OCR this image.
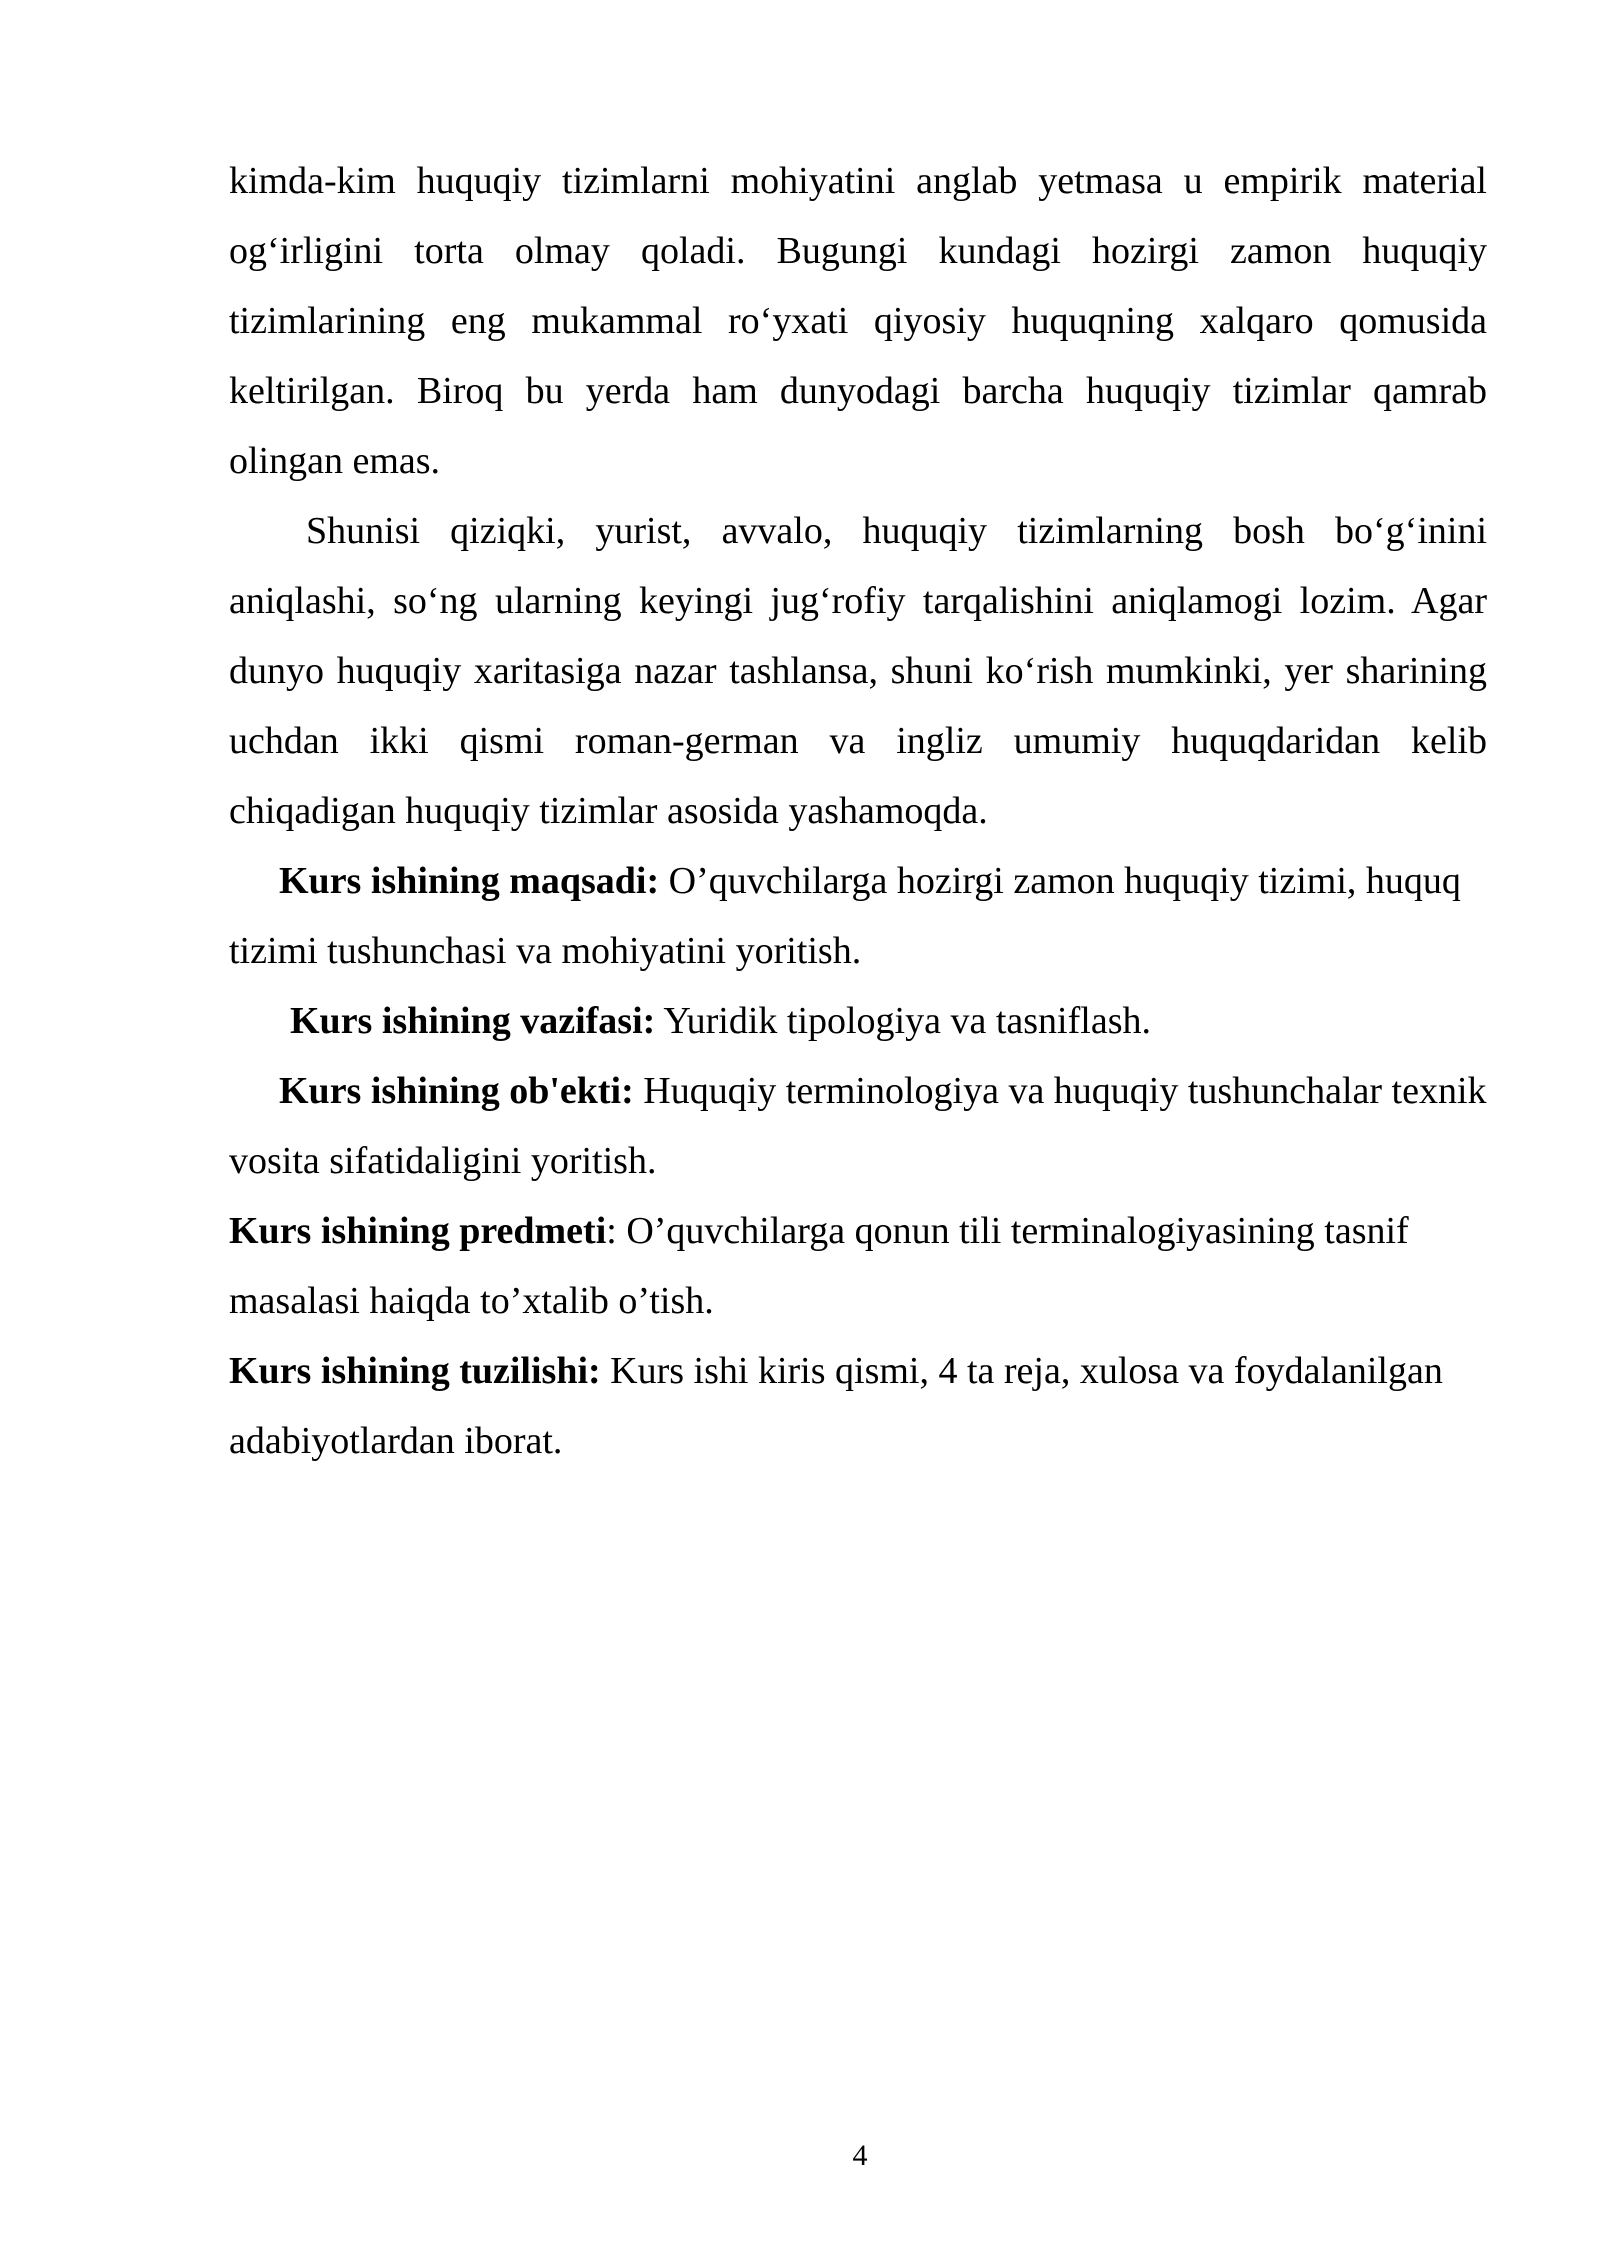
kimda-kim huquqiy tizimlarni mohiyatini anglab yetmasa u empirik material og‘irligini torta olmay qoladi. Bugungi kundagi hozirgi zamon huquqiy tizimlarining eng mukammal ro‘yxati qiyosiy huquqning xalqaro qomusida keltirilgan. Biroq bu yerda ham dunyodagi barcha huquqiy tizimlar qamrab olingan emas.

Shunisi qiziqki, yurist, avvalo, huquqiy tizimlarning bosh bo‘g‘inini aniqlashi, so‘ng ularning keyingi jug‘rofiy tarqalishini aniqlamogi lozim. Agar dunyo huquqiy xaritasiga nazar tashlansa, shuni ko‘rish mumkinki, yer sharining uchdan ikki qismi roman-german va ingliz umumiy huquqdaridan kelib chiqadigan huquqiy tizimlar asosida yashamoqda.

Kurs ishining maqsadi: O’quvchilarga hozirgi zamon huquqiy tizimi, huquq tizimi tushunchasi va mohiyatini yoritish.

Kurs ishining vazifasi: Yuridik tipologiya va tasniflash.

Kurs ishining ob'ekti: Huquqiy terminologiya va huquqiy tushunchalar texnik vosita sifatidaligini yoritish.

Kurs ishining predmeti: O’quvchilarga qonun tili terminalogiyasining tasnif masalasi haiqda to’xtalib o’tish.

Kurs ishining tuzilishi: Kurs ishi kiris qismi, 4 ta reja, xulosa va foydalanilgan adabiyotlardan iborat.

4
